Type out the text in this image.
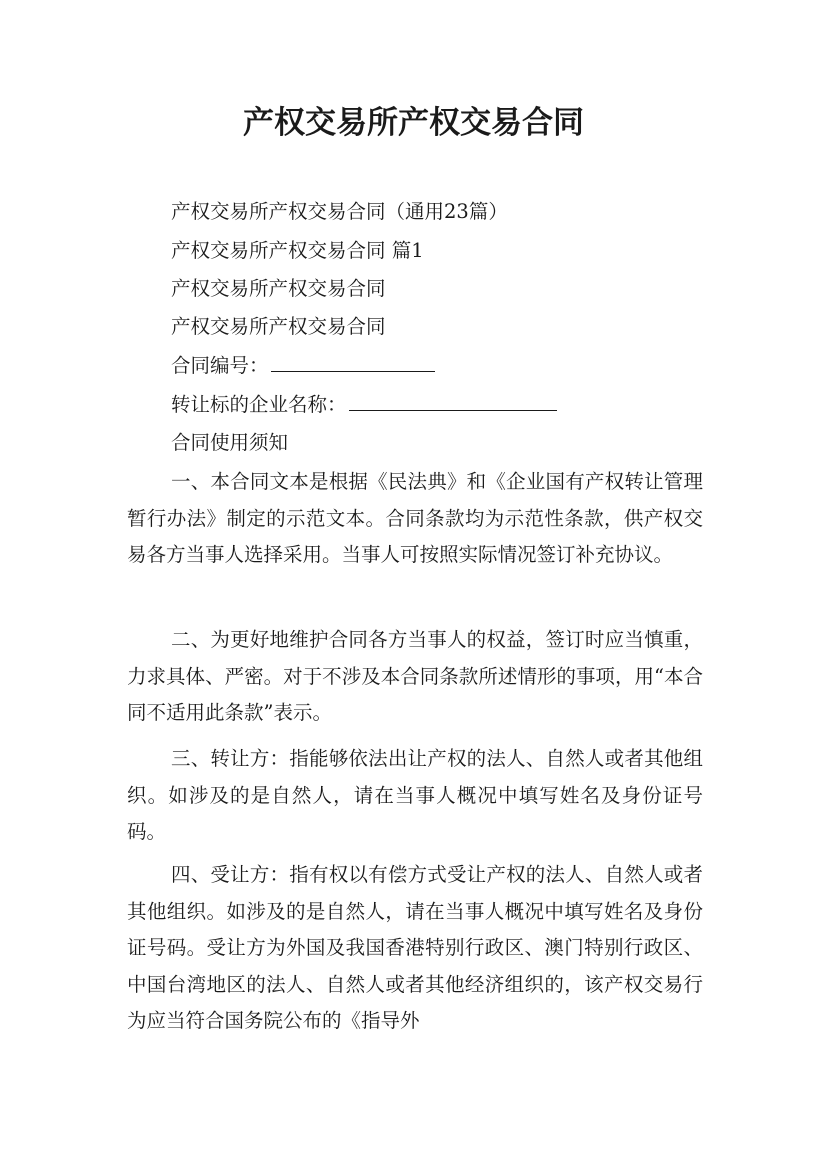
产权交易所产权交易合同
产权交易所产权交易合同（通用23篇）
产权交易所产权交易合同 篇1
产权交易所产权交易合同
产权交易所产权交易合同
合同编号：
转让标的企业名称：
合同使用须知

一、本合同文本是根据《民法典》和《企业国有产权转让管理暂行办法》制定的示范文本。合同条款均为示范性条款，供产权交易各方当事人选择采用。当事人可按照实际情况签订补充协议。

二、为更好地维护合同各方当事人的权益，签订时应当慎重，力求具体、严密。对于不涉及本合同条款所述情形的事项，用“本合同不适用此条款”表示。

三、转让方：指能够依法出让产权的法人、自然人或者其他组织。如涉及的是自然人，请在当事人概况中填写姓名及身份证号码。

四、受让方：指有权以有偿方式受让产权的法人、自然人或者其他组织。如涉及的是自然人，请在当事人概况中填写姓名及身份证号码。受让方为外国及我国香港特别行政区、澳门特别行政区、中国台湾地区的法人、自然人或者其他经济组织的，该产权交易行为应当符合国务院公布的《指导外
